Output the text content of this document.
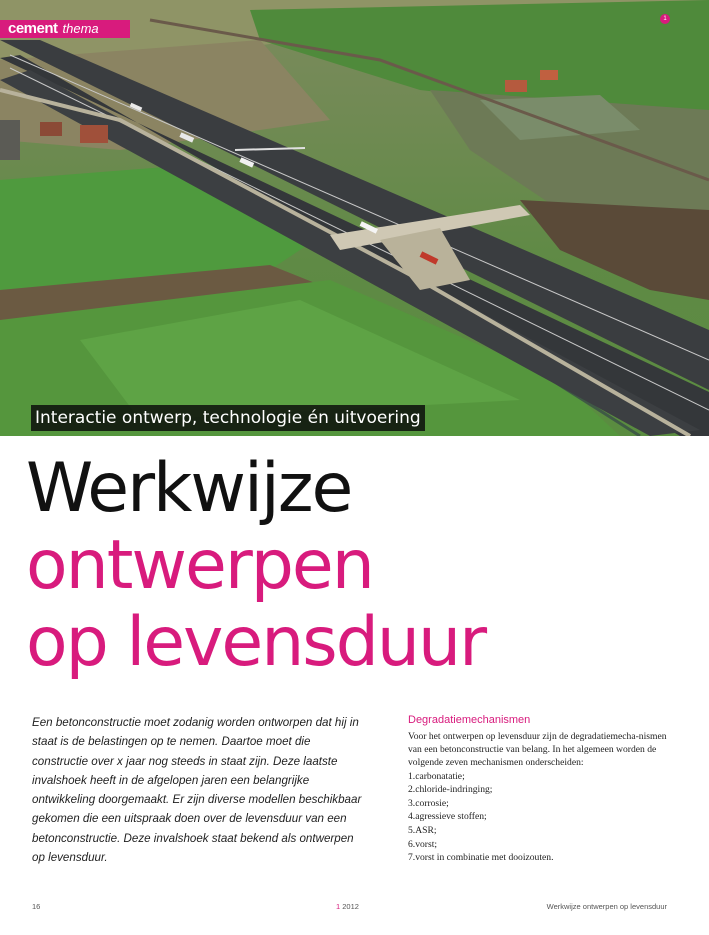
cement thema
1
Interactie ontwerp, technologie én uitvoering
Werkwijze
ontwerpen
op levensduur

Een betonconstructie moet zodanig worden ontworpen dat hij in staat is de belastingen op te nemen. Daartoe moet die constructie over x jaar nog steeds in staat zijn. Deze laatste invalshoek heeft in de afgelopen jaren een belangrijke ontwikkeling doorgemaakt. Er zijn diverse modellen beschikbaar gekomen die een uitspraak doen over de levensduur van een betonconstructie. Deze invalshoek staat bekend als ontwerpen op levensduur.

Degradatiemechanismen

Voor het ontwerpen op levensduur zijn de degradatiemecha-nismen van een betonconstructie van belang. In het algemeen worden de volgende zeven mechanismen onderscheiden:

1.carbonatatie;
2.chloride-indringing;
3.corrosie;
4.agressieve stoffen;
5.ASR;
6.vorst;
7.vorst in combinatie met dooizouten.
16	1 2012	Werkwijze ontwerpen op levensduur
